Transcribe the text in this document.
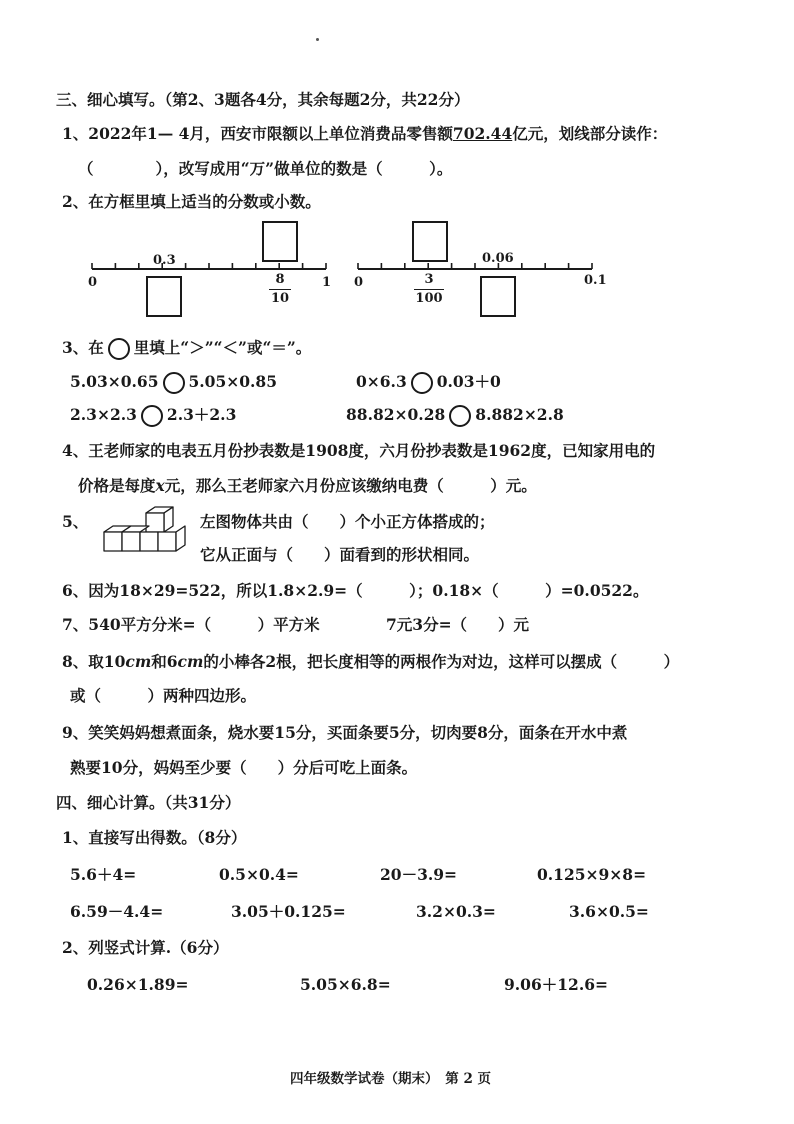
三、细心填写。（第2、3题各4分，其余每题2分，共22分）
1、2022年1— 4月，西安市限额以上单位消费品零售额702.44亿元，划线部分读作：
（　　　　），改写成用“万”做单位的数是（　　　）。
2、在方框里填上适当的分数或小数。
0	1
0.3
8
10
0	0.1
0.06
3
100
3、在 里填上“＞”“＜”或“＝”。
5.03×0.65 5.05×0.85	0×6.3 0.03＋0
2.3×2.3 2.3＋2.3	88.82×0.28 8.882×2.8
4、王老师家的电表五月份抄表数是1908度，六月份抄表数是1962度，已知家用电的
价格是每度x元，那么王老师家六月份应该缴纳电费（　　　）元。
5、	左图物体共由（　　）个小正方体搭成的；
它从正面与（　　）面看到的形状相同。
6、因为18×29=522，所以1.8×2.9=（　　　）；0.18×（　　　）=0.0522。
7、540平方分米=（　　　）平方米	7元3分=（　　）元
8、取10cm和6cm的小棒各2根，把长度相等的两根作为对边，这样可以摆成（　　　）
或（　　　）两种四边形。
9、笑笑妈妈想煮面条，烧水要15分，买面条要5分，切肉要8分，面条在开水中煮
熟要10分，妈妈至少要（　　）分后可吃上面条。
四、细心计算。（共31分）
1、直接写出得数。（8分）
5.6＋4=	0.5×0.4=	20－3.9=	0.125×9×8=
6.59－4.4=	3.05＋0.125=	3.2×0.3=	3.6×0.5=
2、列竖式计算.（6分）
0.26×1.89=	5.05×6.8=	9.06＋12.6=
四年级数学试卷（期末）　第 2 页
